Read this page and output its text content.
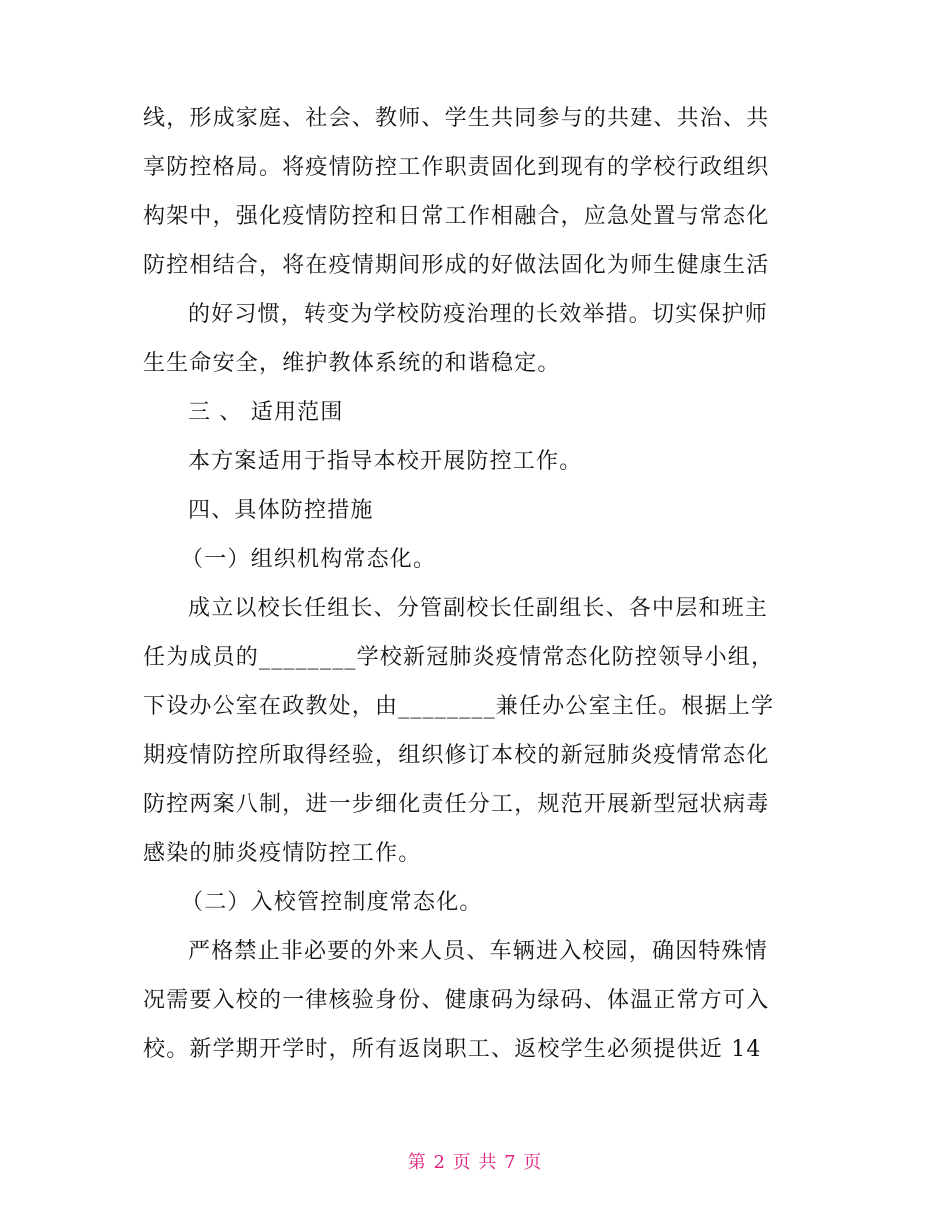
线，形成家庭、社会、教师、学生共同参与的共建、共治、共
享防控格局。将疫情防控工作职责固化到现有的学校行政组织
构架中，强化疫情防控和日常工作相融合，应急处置与常态化
防控相结合，将在疫情期间形成的好做法固化为师生健康生活
的好习惯，转变为学校防疫治理的长效举措。切实保护师
生生命安全，维护教体系统的和谐稳定。
三 、 适用范围
本方案适用于指导本校开展防控工作。
四、具体防控措施
（一）组织机构常态化。
成立以校长任组长、分管副校长任副组长、各中层和班主
任为成员的________学校新冠肺炎疫情常态化防控领导小组，
下设办公室在政教处，由________兼任办公室主任。根据上学
期疫情防控所取得经验，组织修订本校的新冠肺炎疫情常态化
防控两案八制，进一步细化责任分工，规范开展新型冠状病毒
感染的肺炎疫情防控工作。
（二）入校管控制度常态化。
严格禁止非必要的外来人员、车辆进入校园，确因特殊情
况需要入校的一律核验身份、健康码为绿码、体温正常方可入
校。新学期开学时，所有返岗职工、返校学生必须提供近 14
第 2 页 共 7 页
